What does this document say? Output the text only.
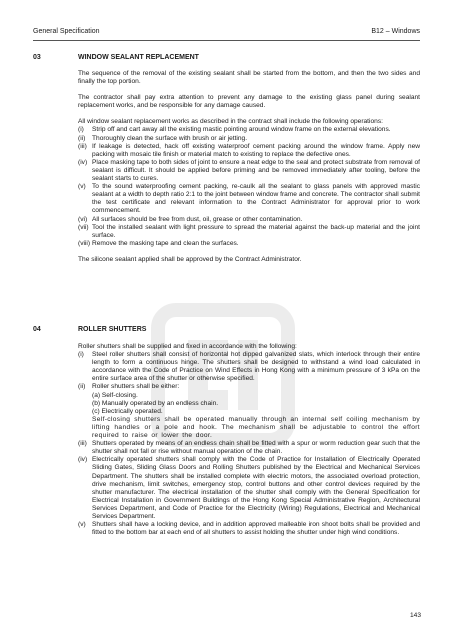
General Specification	B12 – Windows
03	WINDOW SEALANT REPLACEMENT

The sequence of the removal of the existing sealant shall be started from the bottom, and then the two sides and finally the top portion.

The contractor shall pay extra attention to prevent any damage to the existing glass panel during sealant replacement works, and be responsible for any damage caused.

All window sealant replacement works as described in the contract shall include the following operations:

(i)	Strip off and cart away all the existing mastic pointing around window frame on the external elevations.
(ii)	Thoroughly clean the surface with brush or air jetting.
(iii) If leakage is detected, hack off existing waterproof cement packing around the window frame. Apply new packing with mosaic tile finish or material match to existing to replace the defective ones.
(iv) Place masking tape to both sides of joint to ensure a neat edge to the seal and protect substrate from removal of sealant is difficult. It should be applied before priming and be removed immediately after tooling, before the sealant starts to cures.
(v) To the sound waterproofing cement packing, re-caulk all the sealant to glass panels with approved mastic sealant at a width to depth ratio 2:1 to the joint between window frame and concrete. The contractor shall submit the test certificate and relevant information to the Contract Administrator for approval prior to work commencement.
(vi) All surfaces should be free from dust, oil, grease or other contamination.
(vii) Tool the installed sealant with light pressure to spread the material against the back-up material and the joint surface.
(viii) Remove the masking tape and clean the surfaces.

The silicone sealant applied shall be approved by the Contract Administrator.

04	ROLLER SHUTTERS

Roller shutters shall be supplied and fixed in accordance with the following:

(i)	Steel roller shutters shall consist of horizontal hot dipped galvanized slats, which interlock through their entire length to form a continuous hinge. The shutters shall be designed to withstand a wind load calculated in accordance with the Code of Practice on Wind Effects in Hong Kong with a minimum pressure of 3 kPa on the entire surface area of the shutter or otherwise specified.
(ii)	Roller shutters shall be either:
(a) Self-closing.
(b) Manually operated by an endless chain.
(c) Electrically operated.
Self-closing shutters shall be operated manually through an internal self coiling mechanism by lifting handles or a pole and hook. The mechanism shall be adjustable to control the effort required to raise or lower the door.
(iii) Shutters operated by means of an endless chain shall be fitted with a spur or worm reduction gear such that the shutter shall not fall or rise without manual operation of the chain.
(iv) Electrically operated shutters shall comply with the Code of Practice for Installation of Electrically Operated Sliding Gates, Sliding Glass Doors and Rolling Shutters published by the Electrical and Mechanical Services Department. The shutters shall be installed complete with electric motors, the associated overload protection, drive mechanism, limit switches, emergency stop, control buttons and other control devices required by the shutter manufacturer. The electrical installation of the shutter shall comply with the General Specification for Electrical Installation in Government Buildings of the Hong Kong Special Administrative Region, Architectural Services Department, and Code of Practice for the Electricity (Wiring) Regulations, Electrical and Mechanical Services Department.
(v) Shutters shall have a locking device, and in addition approved malleable iron shoot bolts shall be provided and fitted to the bottom bar at each end of all shutters to assist holding the shutter under high wind conditions.
143
